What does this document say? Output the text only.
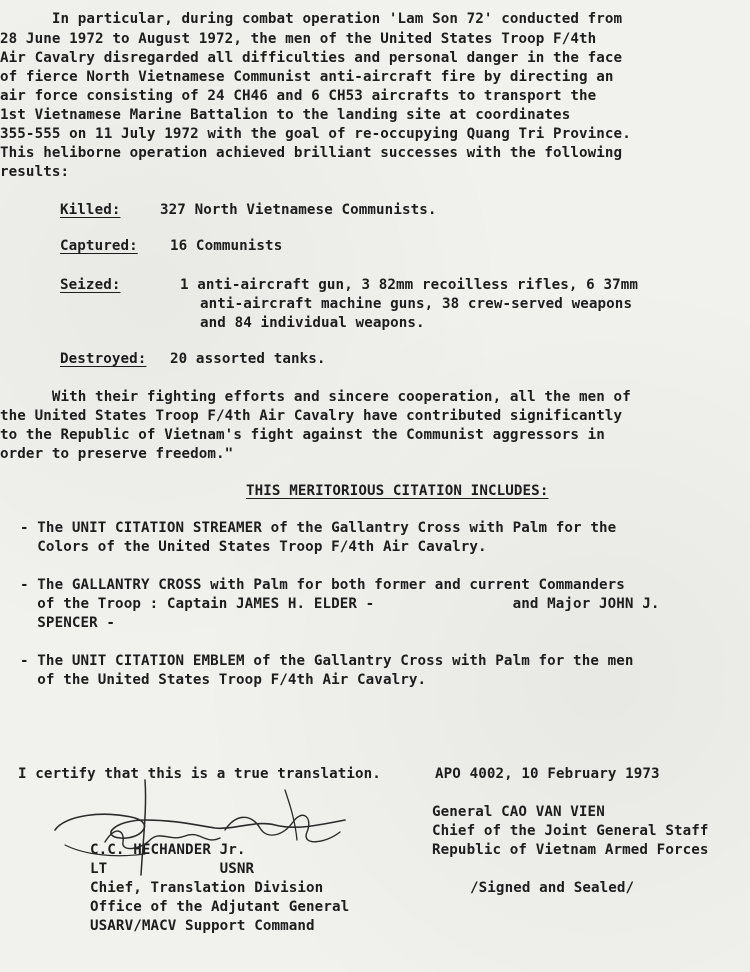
In particular, during combat operation 'Lam Son 72' conducted from
28 June 1972 to August 1972, the men of the United States Troop F/4th
Air Cavalry disregarded all difficulties and personal danger in the face
of fierce North Vietnamese Communist anti-aircraft fire by directing an
air force consisting of 24 CH46 and 6 CH53 aircrafts to transport the
1st Vietnamese Marine Battalion to the landing site at coordinates
355-555 on 11 July 1972 with the goal of re-occupying Quang Tri Province.
This heliborne operation achieved brilliant successes with the following
results:
Killed:	327 North Vietnamese Communists.
Captured: 16 Communists
Seized:	1 anti-aircraft gun, 3 82mm recoilless rifles, 6 37mm
anti-aircraft machine guns, 38 crew-served weapons
and 84 individual weapons.
Destroyed: 20 assorted tanks.
With their fighting efforts and sincere cooperation, all the men of
the United States Troop F/4th Air Cavalry have contributed significantly
to the Republic of Vietnam's fight against the Communist aggressors in
order to preserve freedom."
THIS MERITORIOUS CITATION INCLUDES:
- The UNIT CITATION STREAMER of the Gallantry Cross with Palm for the
Colors of the United States Troop F/4th Air Cavalry.
- The GALLANTRY CROSS with Palm for both former and current Commanders
of the Troop : Captain JAMES H. ELDER -                and Major JOHN J.
SPENCER -
- The UNIT CITATION EMBLEM of the Gallantry Cross with Palm for the men
of the United States Troop F/4th Air Cavalry.
I certify that this is a true translation.	APO 4002, 10 February 1973
General CAO VAN VIEN
Chief of the Joint General Staff
Republic of Vietnam Armed Forces
/Signed and Sealed/
C.C. HECHANDER Jr.
LT             USNR
Chief, Translation Division
Office of the Adjutant General
USARV/MACV Support Command
